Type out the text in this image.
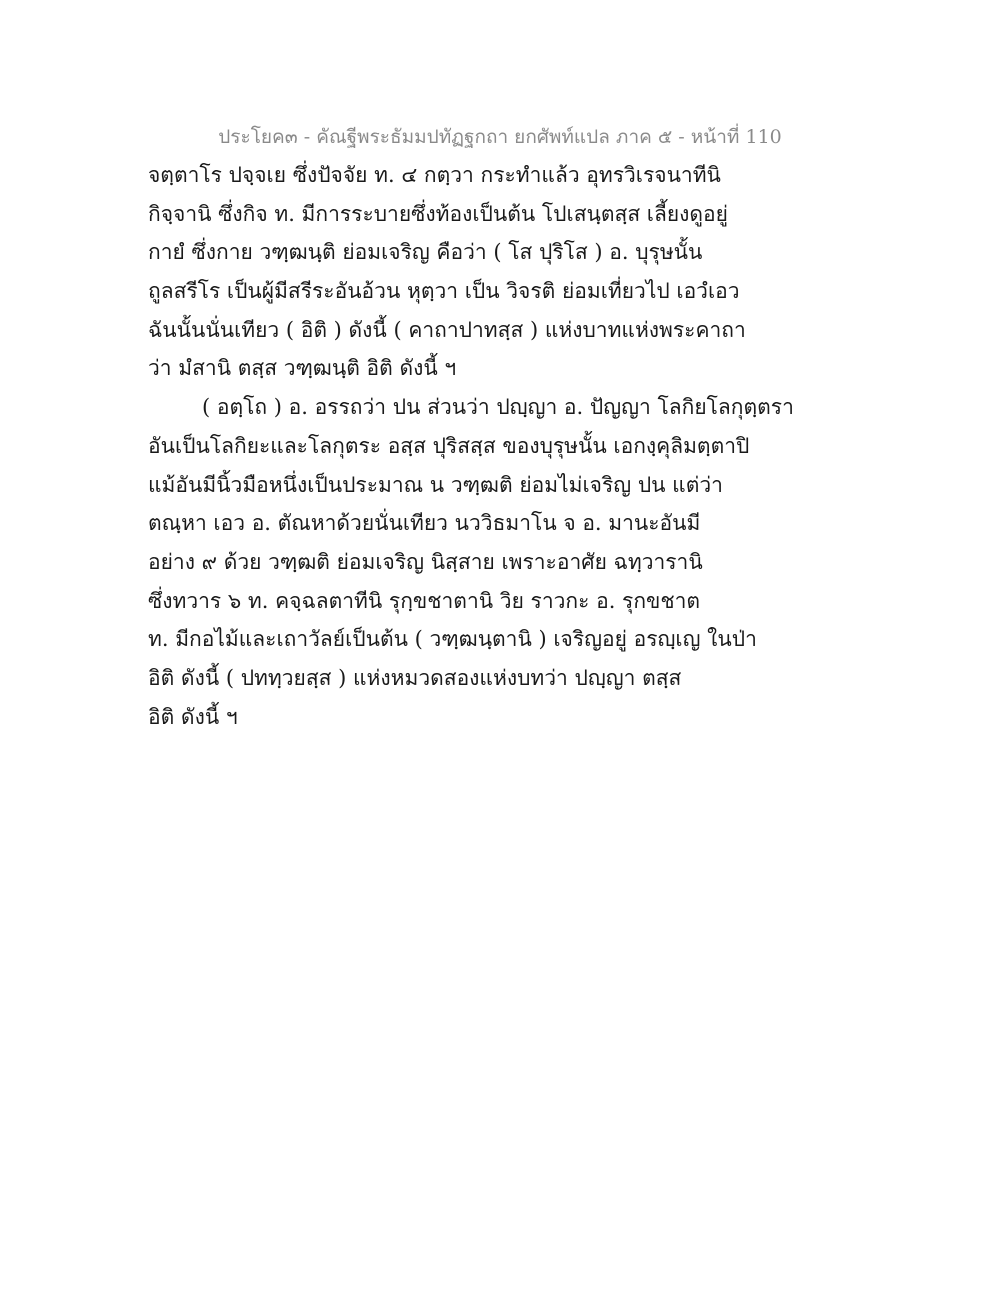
ประโยค๓ - คัณฐีพระธัมมปทัฏฐกถา ยกศัพท์แปล ภาค ๕ - หน้าที่ 110
จตฺตาโร ปจฺจเย ซึ่งปัจจัย ท. ๔ กตฺวา กระทำแล้ว อุทรวิเรจนาทีนิ
กิจฺจานิ ซึ่งกิจ ท. มีการระบายซึ่งท้องเป็นต้น โปเสนฺตสฺส เลี้ยงดูอยู่
กายํ ซึ่งกาย วฑฺฒนฺติ ย่อมเจริญ คือว่า ( โส ปุริโส ) อ. บุรุษนั้น
ถูลสรีโร เป็นผู้มีสรีระอันอ้วน หุตฺวา เป็น วิจรติ ย่อมเที่ยวไป เอวํเอว
ฉันนั้นนั่นเทียว ( อิติ ) ดังนี้ ( คาถาปาทสฺส ) แห่งบาทแห่งพระคาถา
ว่า มํสานิ ตสฺส วฑฺฒนฺติ อิติ ดังนี้ ฯ
( อตฺโถ ) อ. อรรถว่า ปน ส่วนว่า ปญฺญา อ. ปัญญา โลกิยโลกุตฺตรา
อันเป็นโลกิยะและโลกุตระ อสฺส ปุริสสฺส ของบุรุษนั้น เอกงฺคุลิมตฺตาปิ
แม้อันมีนิ้วมือหนึ่งเป็นประมาณ น วฑฺฒติ ย่อมไม่เจริญ ปน แต่ว่า
ตณฺหา เอว อ. ตัณหาด้วยนั่นเทียว นววิธมาโน จ อ. มานะอันมี
อย่าง ๙ ด้วย วฑฺฒติ ย่อมเจริญ นิสฺสาย เพราะอาศัย ฉทฺวารานิ
ซึ่งทวาร ๖ ท. คจฺฉลตาทีนิ รุกฺขชาตานิ วิย ราวกะ อ. รุกขชาต
ท. มีกอไม้และเถาวัลย์เป็นต้น ( วฑฺฒนฺตานิ ) เจริญอยู่ อรญฺเญ ในป่า
อิติ ดังนี้ ( ปททฺวยสฺส ) แห่งหมวดสองแห่งบทว่า ปญฺญา ตสฺส
อิติ ดังนี้ ฯ
